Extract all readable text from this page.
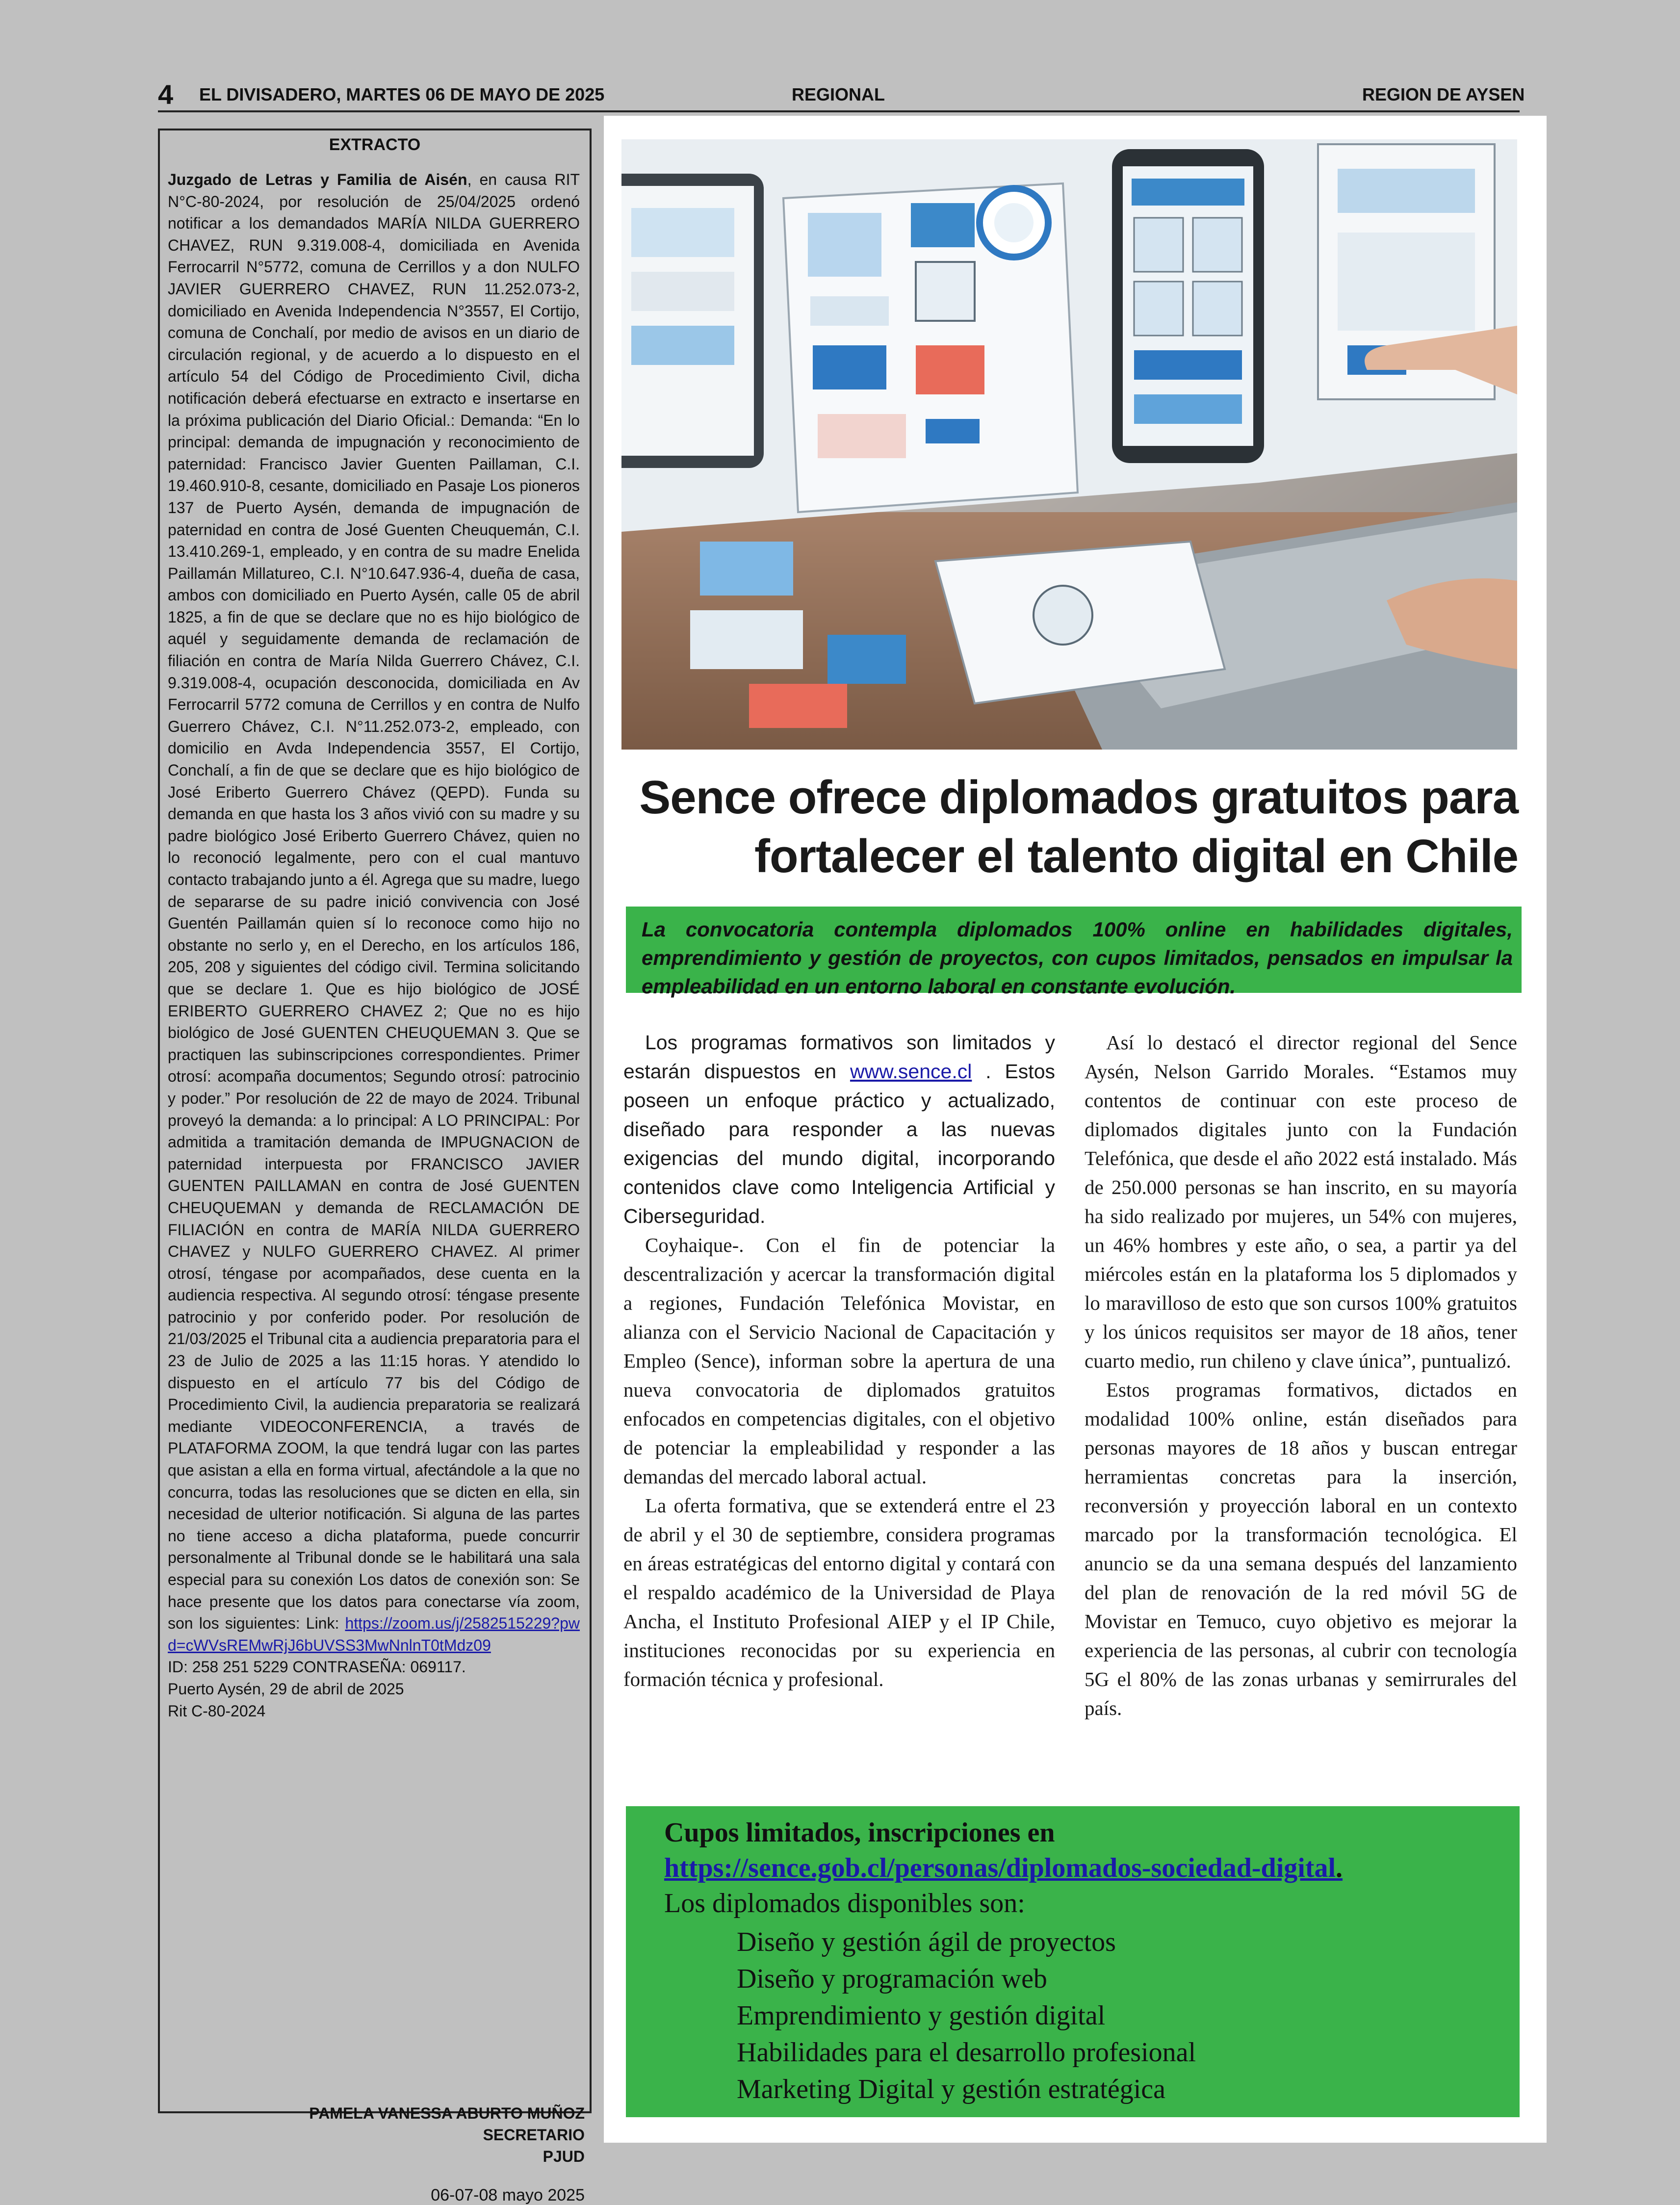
4 EL DIVISADERO, MARTES 06 DE MAYO DE 2025	REGIONAL	REGION DE AYSEN
EXTRACTO

Juzgado de Letras y Familia de Aisén, en causa RIT N°C-80-2024, por resolución de 25/04/2025 ordenó notificar a los demandados MARÍA NILDA GUERRERO CHAVEZ, RUN 9.319.008-4, domiciliada en Avenida Ferrocarril N°5772, comuna de Cerrillos y a don NULFO JAVIER GUERRERO CHAVEZ, RUN 11.252.073-2, domiciliado en Avenida Independencia N°3557, El Cortijo, comuna de Conchalí, por medio de avisos en un diario de circulación regional, y de acuerdo a lo dispuesto en el artículo 54 del Código de Procedimiento Civil, dicha notificación deberá efectuarse en extracto e insertarse en la próxima publicación del Diario Oficial.: Demanda: “En lo principal: demanda de impugnación y reconocimiento de paternidad: Francisco Javier Guenten Paillaman, C.I. 19.460.910-8, cesante, domiciliado en Pasaje Los pioneros 137 de Puerto Aysén, demanda de impugnación de paternidad en contra de José Guenten Cheuquemán, C.I. 13.410.269-1, empleado, y en contra de su madre Enelida Paillamán Millatureo, C.I. N°10.647.936-4, dueña de casa, ambos con domiciliado en Puerto Aysén, calle 05 de abril 1825, a fin de que se declare que no es hijo biológico de aquél y seguidamente demanda de reclamación de filiación en contra de María Nilda Guerrero Chávez, C.I. 9.319.008-4, ocupación desconocida, domiciliada en Av Ferrocarril 5772 comuna de Cerrillos y en contra de Nulfo Guerrero Chávez, C.I. N°11.252.073-2, empleado, con domicilio en Avda Independencia 3557, El Cortijo, Conchalí, a fin de que se declare que es hijo biológico de José Eriberto Guerrero Chávez (QEPD). Funda su demanda en que hasta los 3 años vivió con su madre y su padre biológico José Eriberto Guerrero Chávez, quien no lo reconoció legalmente, pero con el cual mantuvo contacto trabajando junto a él. Agrega que su madre, luego de separarse de su padre inició convivencia con José Guentén Paillamán quien sí lo reconoce como hijo no obstante no serlo y, en el Derecho, en los artículos 186, 205, 208 y siguientes del código civil. Termina solicitando que se declare 1. Que es hijo biológico de JOSÉ ERIBERTO GUERRERO CHAVEZ 2; Que no es hijo biológico de José GUENTEN CHEUQUEMAN 3. Que se practiquen las subinscripciones correspondientes. Primer otrosí: acompaña documentos; Segundo otrosí: patrocinio y poder.” Por resolución de 22 de mayo de 2024. Tribunal proveyó la demanda: a lo principal: A LO PRINCIPAL: Por admitida a tramitación demanda de IMPUGNACION de paternidad interpuesta por FRANCISCO JAVIER GUENTEN PAILLAMAN en contra de José GUENTEN CHEUQUEMAN y demanda de RECLAMACIÓN DE FILIACIÓN en contra de MARÍA NILDA GUERRERO CHAVEZ y NULFO GUERRERO CHAVEZ. Al primer otrosí, téngase por acompañados, dese cuenta en la audiencia respectiva. Al segundo otrosí: téngase presente patrocinio y por conferido poder. Por resolución de 21/03/2025 el Tribunal cita a audiencia preparatoria para el 23 de Julio de 2025 a las 11:15 horas. Y atendido lo dispuesto en el artículo 77 bis del Código de Procedimiento Civil, la audiencia preparatoria se realizará mediante VIDEOCONFERENCIA, a través de PLATAFORMA ZOOM, la que tendrá lugar con las partes que asistan a ella en forma virtual, afectándole a la que no concurra, todas las resoluciones que se dicten en ella, sin necesidad de ulterior notificación. Si alguna de las partes no tiene acceso a dicha plataforma, puede concurrir personalmente al Tribunal donde se le habilitará una sala especial para su conexión Los datos de conexión son: Se hace presente que los datos para conectarse vía zoom, son los siguientes: Link: https://zoom.us/j/2582515229?pwd=cWVsREMwRjJ6bUVSS3MwNnlnT0tMdz09

ID: 258 251 5229 CONTRASEÑA: 069117.

Puerto Aysén, 29 de abril de 2025

Rit C-80-2024

PAMELA VANESSA ABURTO MUÑOZ
SECRETARIO
PJUD
06-07-08 mayo 2025
Sence ofrece diplomados gratuitos para
fortalecer el talento digital en Chile
La convocatoria contempla diplomados 100% online en habilidades digitales, emprendimiento y gestión de proyectos, con cupos limitados, pensados en impulsar la empleabilidad en un entorno laboral en constante evolución.

Los programas formativos son limitados y estarán dispuestos en www.sence.cl . Estos poseen un enfoque práctico y actualizado, diseñado para responder a las nuevas exigencias del mundo digital, incorporando contenidos clave como Inteligencia Artificial y Ciberseguridad.

Coyhaique-. Con el fin de potenciar la descentralización y acercar la transformación digital a regiones, Fundación Telefónica Movistar, en alianza con el Servicio Nacional de Capacitación y Empleo (Sence), informan sobre la apertura de una nueva convocatoria de diplomados gratuitos enfocados en competencias digitales, con el objetivo de potenciar la empleabilidad y responder a las demandas del mercado laboral actual.

La oferta formativa, que se extenderá entre el 23 de abril y el 30 de septiembre, considera programas en áreas estratégicas del entorno digital y contará con el respaldo académico de la Universidad de Playa Ancha, el Instituto Profesional AIEP y el IP Chile, instituciones reconocidas por su experiencia en formación técnica y profesional.

Así lo destacó el director regional del Sence Aysén, Nelson Garrido Morales. “Estamos muy contentos de continuar con este proceso de diplomados digitales junto con la Fundación Telefónica, que desde el año 2022 está instalado. Más de 250.000 personas se han inscrito, en su mayoría ha sido realizado por mujeres, un 54% con mujeres, un 46% hombres y este año, o sea, a partir ya del miércoles están en la plataforma los 5 diplomados y lo maravilloso de esto que son cursos 100% gratuitos y los únicos requisitos ser mayor de 18 años, tener cuarto medio, run chileno y clave única”, puntualizó.

Estos programas formativos, dictados en modalidad 100% online, están diseñados para personas mayores de 18 años y buscan entregar herramientas concretas para la inserción, reconversión y proyección laboral en un contexto marcado por la transformación tecnológica. El anuncio se da una semana después del lanzamiento del plan de renovación de la red móvil 5G de Movistar en Temuco, cuyo objetivo es mejorar la experiencia de las personas, al cubrir con tecnología 5G el 80% de las zonas urbanas y semirrurales del país.

Cupos limitados, inscripciones en
https://sence.gob.cl/personas/diplomados-sociedad-digital.
Los diplomados disponibles son:
Diseño y gestión ágil de proyectos
Diseño y programación web
Emprendimiento y gestión digital
Habilidades para el desarrollo profesional
Marketing Digital y gestión estratégica
